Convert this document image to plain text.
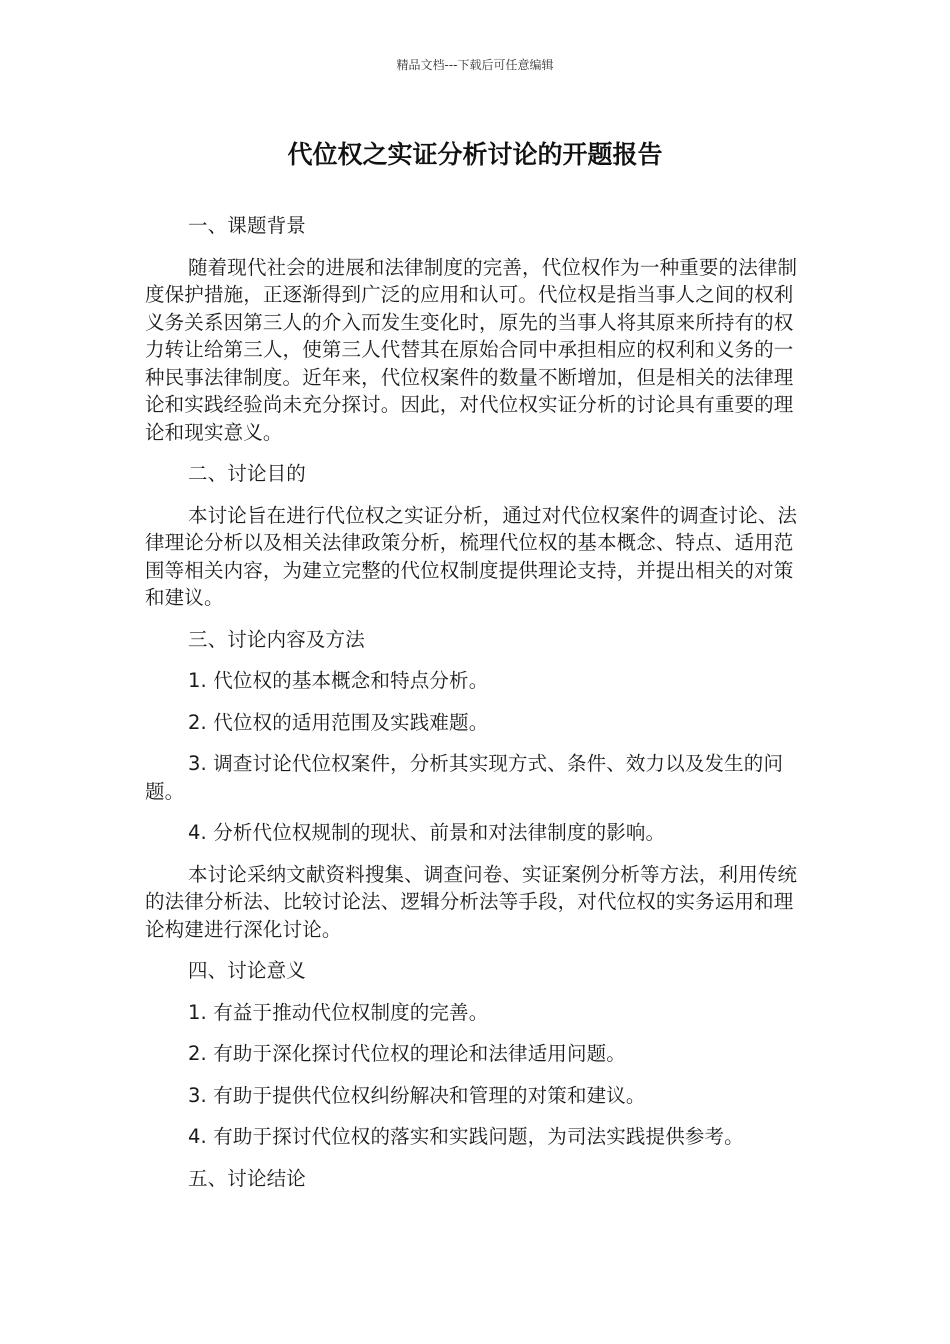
精品文档---下载后可任意编辑
代位权之实证分析讨论的开题报告

一、课题背景

随着现代社会的进展和法律制度的完善，代位权作为一种重要的法律制度保护措施，正逐渐得到广泛的应用和认可。代位权是指当事人之间的权利义务关系因第三人的介入而发生变化时，原先的当事人将其原来所持有的权力转让给第三人，使第三人代替其在原始合同中承担相应的权利和义务的一种民事法律制度。近年来，代位权案件的数量不断增加，但是相关的法律理论和实践经验尚未充分探讨。因此，对代位权实证分析的讨论具有重要的理论和现实意义。

二、讨论目的

本讨论旨在进行代位权之实证分析，通过对代位权案件的调查讨论、法律理论分析以及相关法律政策分析，梳理代位权的基本概念、特点、适用范围等相关内容，为建立完整的代位权制度提供理论支持，并提出相关的对策和建议。

三、讨论内容及方法

1. 代位权的基本概念和特点分析。

2. 代位权的适用范围及实践难题。

3. 调查讨论代位权案件，分析其实现方式、条件、效力以及发生的问题。

4. 分析代位权规制的现状、前景和对法律制度的影响。

本讨论采纳文献资料搜集、调查问卷、实证案例分析等方法，利用传统的法律分析法、比较讨论法、逻辑分析法等手段，对代位权的实务运用和理论构建进行深化讨论。

四、讨论意义

1. 有益于推动代位权制度的完善。

2. 有助于深化探讨代位权的理论和法律适用问题。

3. 有助于提供代位权纠纷解决和管理的对策和建议。

4. 有助于探讨代位权的落实和实践问题，为司法实践提供参考。

五、讨论结论
